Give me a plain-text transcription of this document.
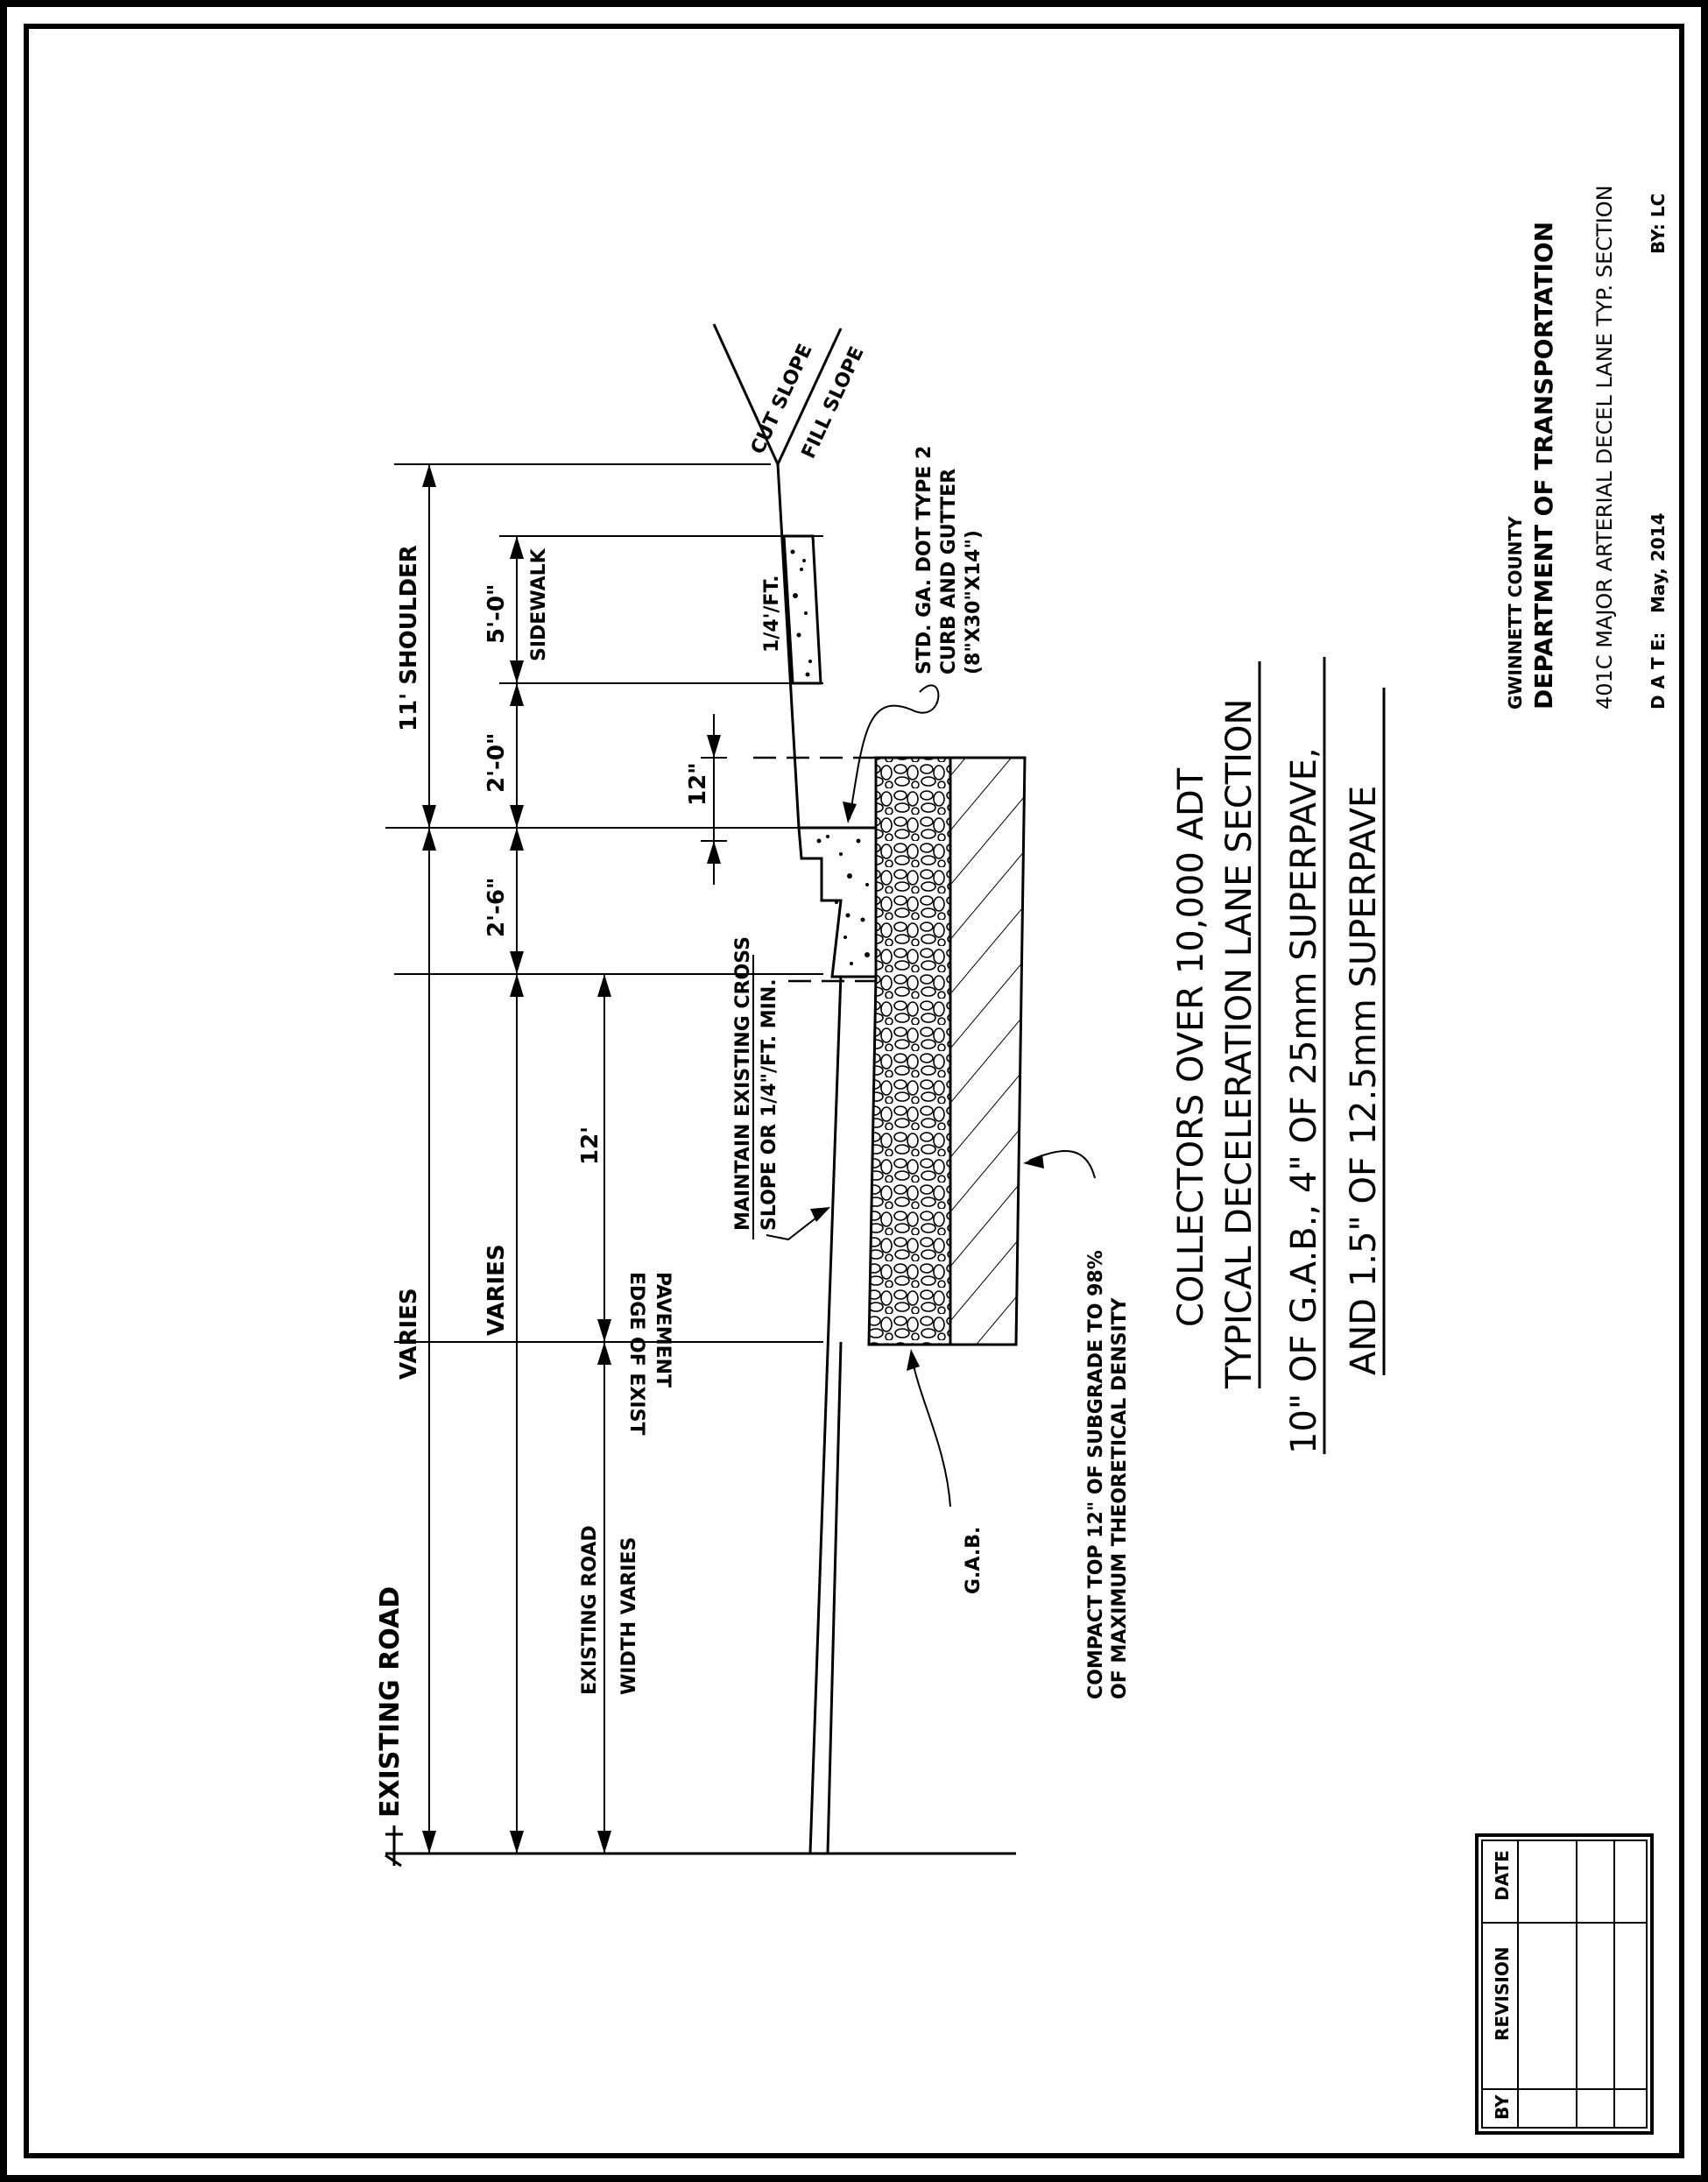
EXISTING ROAD	EXISTING ROAD WIDTH VARIES
EDGE OF EXIST PAVEMENT
VARIES	VARIES
12'
2'-6"
11' SHOULDER
2'-0"
5'-0" SIDEWALK
12"
MAINTAIN EXISTING CROSS SLOPE OR 1/4"/FT. MIN.
1/4'/FT.
CUT SLOPE
FILL SLOPE
STD. GA. DOT TYPE 2 CURB AND GUTTER (8"X30"X14")
G.A.B.	COMPACT TOP 12" OF SUBGRADE TO 98% OF MAXIMUM THEORETICAL DENSITY
COLLECTORS OVER 10,000 ADT TYPICAL DECELERATION LANE SECTION 10" OF G.A.B., 4" OF 25mm SUPERPAVE, AND 1.5" OF 12.5mm SUPERPAVE
GWINNETT COUNTY DEPARTMENT OF TRANSPORTATION 401C MAJOR ARTERIAL DECEL LANE TYP. SECTION D A T E:
May, 2014
BY: LC
BY
REVISION
DATE
